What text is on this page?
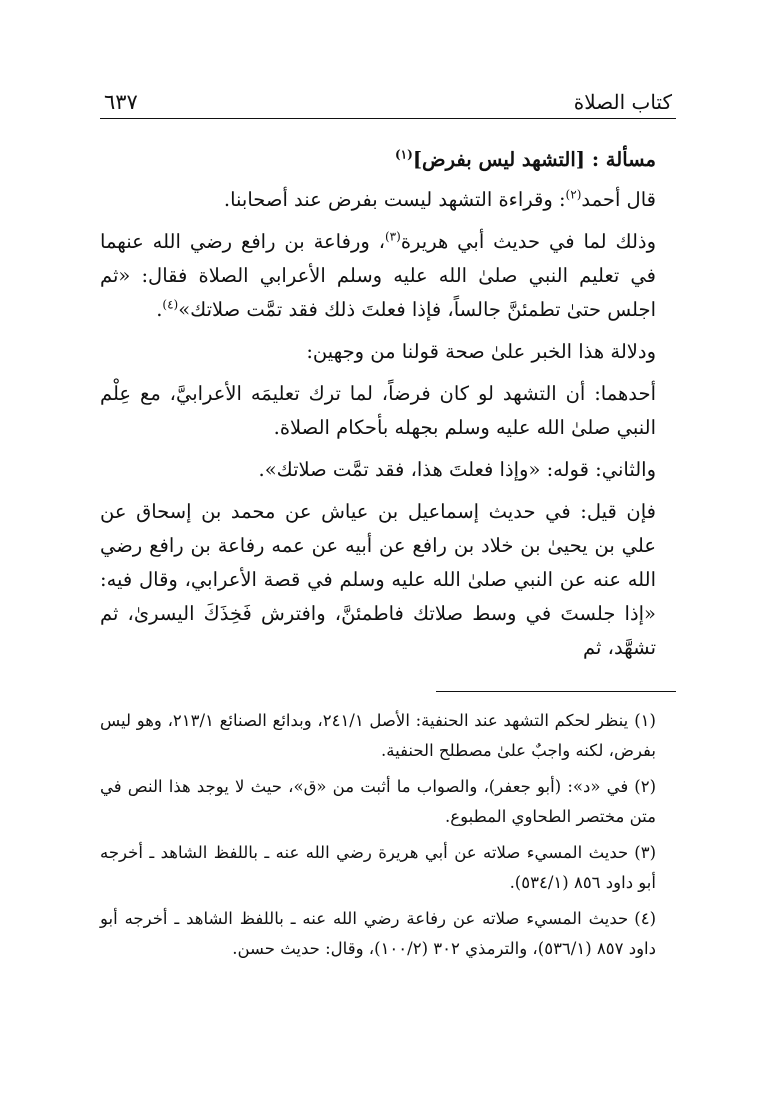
كتاب الصلاة
٦٣٧

مسألة : [التشهد ليس بفرض]$^{(١)}$

قال أحمد$^{(٢)}$: وقراءة التشهد ليست بفرض عند أصحابنا.

وذلك لما في حديث أبي هريرة$^{(٣)}$، ورفاعة بن رافع رضي الله عنهما في تعليم النبي صلىٰ الله عليه وسلم الأعرابي الصلاة فقال: «ثم اجلس حتىٰ تطمئنَّ جالساً، فإذا فعلتَ ذلك فقد تمَّت صلاتك»$^{(٤)}$.

ودلالة هذا الخبر علىٰ صحة قولنا من وجهين:

أحدهما: أن التشهد لو كان فرضاً، لما ترك تعليمَه الأعرابيَّ، مع عِلْم النبي صلىٰ الله عليه وسلم بجهله بأحكام الصلاة.

والثاني: قوله: «وإذا فعلتَ هذا، فقد تمَّت صلاتك».

فإن قيل: في حديث إسماعيل بن عياش عن محمد بن إسحاق عن علي بن يحيىٰ بن خلاد بن رافع عن أبيه عن عمه رفاعة بن رافع رضي الله عنه عن النبي صلىٰ الله عليه وسلم في قصة الأعرابي، وقال فيه: «إذا جلستَ في وسط صلاتك فاطمئنَّ، وافترش فَخِذَكَ اليسرىٰ، ثم تشهَّد، ثم

(١)ينظر لحكم التشهد عند الحنفية: الأصل ٢٤١/١، وبدائع الصنائع ٢١٣/١، وهو ليس بفرض، لكنه واجبٌ علىٰ مصطلح الحنفية.

(٢)في «د»: (أبو جعفر)، والصواب ما أثبت من «ق»، حيث لا يوجد هذا النص في متن مختصر الطحاوي المطبوع.

(٣)حديث المسيء صلاته عن أبي هريرة رضي الله عنه ـ باللفظ الشاهد ـ أخرجه أبو داود ٨٥٦ (٥٣٤/١).

(٤)حديث المسيء صلاته عن رفاعة رضي الله عنه ـ باللفظ الشاهد ـ أخرجه أبو داود ٨٥٧ (٥٣٦/١)، والترمذي ٣٠٢ (١٠٠/٢)، وقال: حديث حسن.
